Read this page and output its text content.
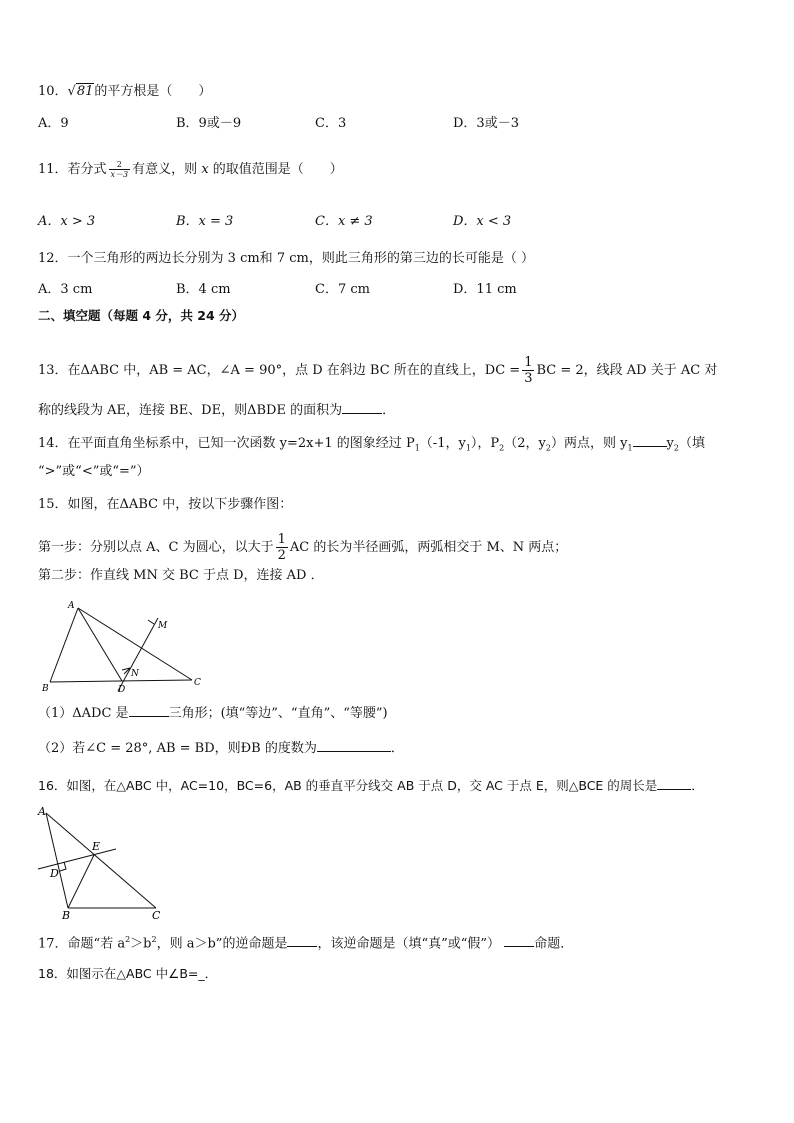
10．√81的平方根是（　　）
A．9	B．9或－9	C．3	D．3或－3
11．若分式 $\frac{2}{x-3}$ 有意义，则 x 的取值范围是（　　）
A．x > 3	B．x = 3	C．x ≠ 3	D．x < 3
12．一个三角形的两边长分别为 3 cm和 7 cm，则此三角形的第三边的长可能是（ ）
A．3 cm	B．4 cm	C．7 cm	D．11 cm
二、填空题（每题 4 分，共 24 分）
13．在ΔABC 中，AB = AC，∠A = 90°，点 D 在斜边 BC 所在的直线上，DC = $\frac{1}{3}$ BC = 2，线段 AD 关于 AC 对
称的线段为 AE，连接 BE、DE，则ΔBDE 的面积为	．
14．在平面直角坐标系中，已知一次函数 y=2x+1 的图象经过 $P_1(-1$，$y_1$），$P_2(2$，$y_2$）两点，则 $y_1$	$y_2$（填
“>”或“<”或“=”）
15．如图，在ΔABC 中，按以下步骤作图：
第一步：分别以点 A、C 为圆心，以大于 $\frac{1}{2}$ AC 的长为半径画弧，两弧相交于 M、N 两点；
第二步：作直线 MN 交 BC 于点 D，连接 AD ．
A
B
C
D
M
N
（1）ΔADC 是	三角形；(填“等边”、“直角”、“等腰”)
（2）若∠C = 28°, AB = BD，则ÐB 的度数为	．
16．如图，在△ABC 中，AC=10，BC=6，AB 的垂直平分线交 AB 于点 D，交 AC 于点 E，则△BCE 的周长是	．
A
E
D
B	C
17．命题“若 $a^2>b^2$，则 a＞b”的逆命题是 ，该逆命题是（填“真”或“假”）	命题．
18．如图示在△ABC 中∠B=_．
